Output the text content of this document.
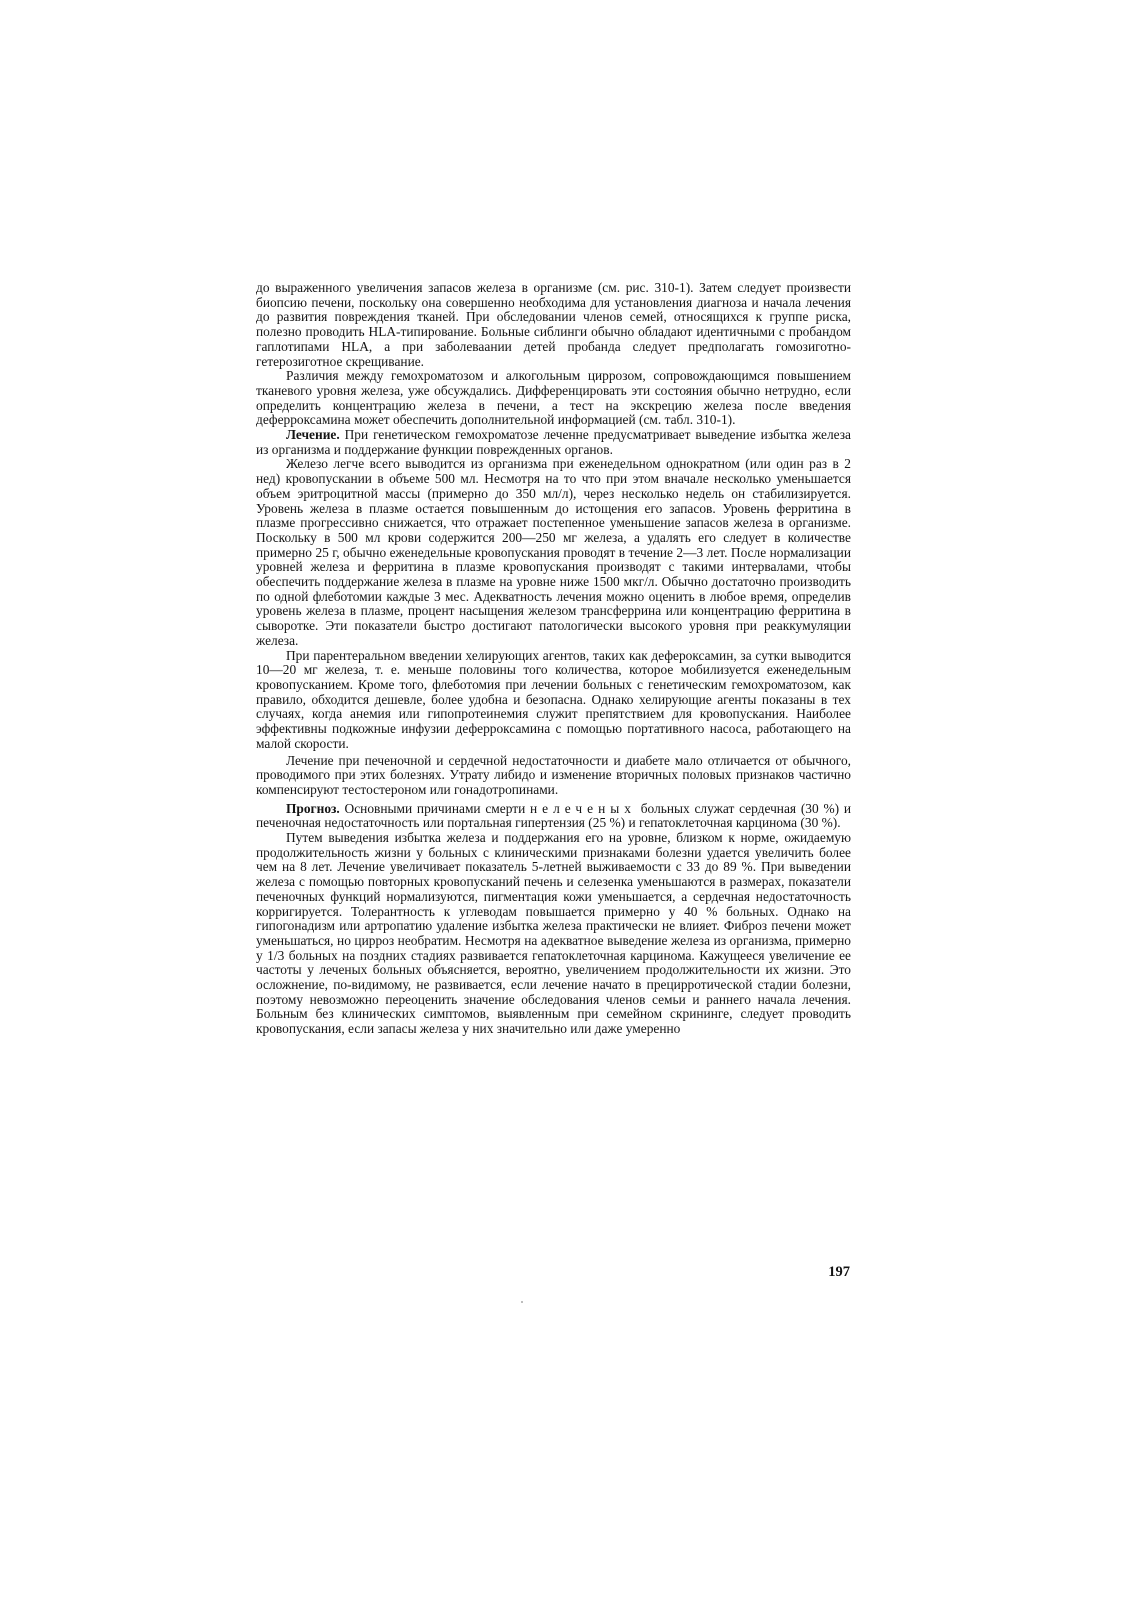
до выраженного увеличения запасов железа в организме (см. рис. 310-1). Затем следует произвести биопсию печени, поскольку она совершенно необходима для установления диагноза и начала лечения до развития повреждения тканей. При обследовании членов семей, относящихся к группе риска, полезно проводить HLA-типирование. Больные сиблинги обычно обладают идентичными с пробандом гаплотипами HLA, а при заболеваании детей пробанда следует предполагать гомозиготно-гетерозиготное скрещивание.

Различия между гемохроматозом и алкогольным циррозом, сопровождающимся повышением тканевого уровня железа, уже обсуждались. Дифференцировать эти состояния обычно нетрудно, если определить концентрацию железа в печени, а тест на экскрецию железа после введения деферроксамина может обеспечить дополнительной информацией (см. табл. 310-1).

Лечение. При генетическом гемохроматозе леченне предусматривает выведение избытка железа из организма и поддержание функции поврежденных органов.

Железо легче всего выводится из организма при еженедельном однократном (или один раз в 2 нед) кровопускании в объеме 500 мл. Несмотря на то что при этом вначале несколько уменьшается объем эритроцитной массы (примерно до 350 мл/л), через несколько недель он стабилизируется. Уровень железа в плазме остается повышенным до истощения его запасов. Уровень ферритина в плазме прогрессивно снижается, что отражает постепенное уменьшение запасов железа в организме. Поскольку в 500 мл крови содержится 200—250 мг железа, а удалять его следует в количестве примерно 25 г, обычно еженедельные кровопускания проводят в течение 2—3 лет. После нормализации уровней железа и ферритина в плазме кровопускания производят с такими интервалами, чтобы обеспечить поддержание железа в плазме на уровне ниже 1500 мкг/л. Обычно достаточно производить по одной флеботомии каждые 3 мес. Адекватность лечения можно оценить в любое время, определив уровень железа в плазме, процент насыщения железом трансферрина или концентрацию ферритина в сыворотке. Эти показатели быстро достигают патологически высокого уровня при реаккумуляции железа.

При парентеральном введении хелирующих агентов, таких как дефероксамин, за сутки выводится 10—20 мг железа, т. е. меньше половины того количества, которое мобилизуется еженедельным кровопусканием. Кроме того, флеботомия при лечении больных с генетическим гемохроматозом, как правило, обходится дешевле, более удобна и безопасна. Однако хелирующие агенты показаны в тех случаях, когда анемия или гипопротеинемия служит препятствием для кровопускания. Наиболее эффективны подкожные инфузии деферроксамина с помощью портативного насоса, работающего на малой скорости.

Лечение при печеночной и сердечной недостаточности и диабете мало отличается от обычного, проводимого при этих болезнях. Утрату либидо и изменение вторичных половых признаков частично компенсируют тестостероном или гонадотропинами.

Прогноз. Основными причинами смерти нелеченых больных служат сердечная (30 %) и печеночная недостаточность или портальная гипертензия (25 %) и гепатоклеточная карцинома (30 %).

Путем выведения избытка железа и поддержания его на уровне, близком к норме, ожидаемую продолжительность жизни у больных с клиническими признаками болезни удается увеличить более чем на 8 лет. Лечение увеличивает показатель 5-летней выживаемости с 33 до 89 %. При выведении железа с помощью повторных кровопусканий печень и селезенка уменьшаются в размерах, показатели печеночных функций нормализуются, пигментация кожи уменьшается, а сердечная недостаточность корригируется. Толерантность к углеводам повышается примерно у 40 % больных. Однако на гипогонадизм или артропатию удаление избытка железа практически не влияет. Фиброз печени может уменьшаться, но цирроз необратим. Несмотря на адекватное выведение железа из организма, примерно у 1/3 больных на поздних стадиях развивается гепатоклеточная карцинома. Кажущееся увеличение ее частоты у леченых больных объясняется, вероятно, увеличением продолжительности их жизни. Это осложнение, по-видимому, не развивается, если лечение начато в прецирротической стадии болезни, поэтому невозможно переоценить значение обследования членов семьи и раннего начала лечения. Больным без клинических симптомов, выявленным при семейном скрининге, следует проводить кровопускания, если запасы железа у них значительно или даже умеренно

197
